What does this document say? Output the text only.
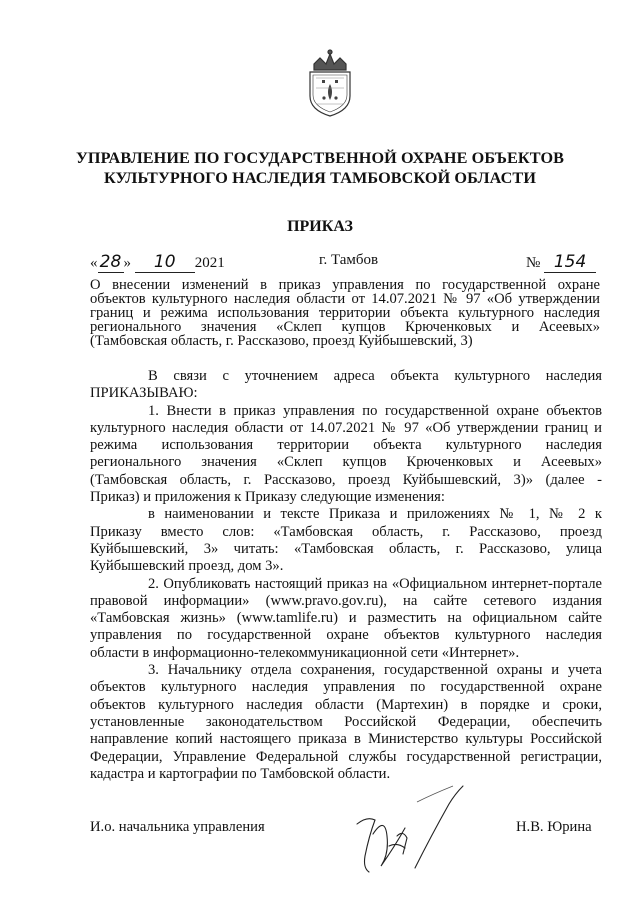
УПРАВЛЕНИЕ ПО ГОСУДАРСТВЕННОЙ ОХРАНЕ ОБЪЕКТОВ
КУЛЬТУРНОГО НАСЛЕДИЯ ТАМБОВСКОЙ ОБЛАСТИ
ПРИКАЗ
« 28 » 10 2021	г. Тамбов	№ 154

О внесении изменений в приказ управления по государственной охране

объектов культурного наследия области от 14.07.2021 № 97 «Об утверждении

границ и режима использования территории объекта культурного наследия

регионального значения «Склеп купцов Крюченковых и Асеевых»

(Тамбовская область, г. Рассказово, проезд Куйбышевский, 3)

В связи с уточнением адреса объекта культурного наследия

ПРИКАЗЫВАЮ:

1. Внести в приказ управления по государственной охране объектов

культурного наследия области от 14.07.2021 № 97 «Об утверждении границ и

режима использования территории объекта культурного наследия

регионального значения «Склеп купцов Крюченковых и Асеевых»

(Тамбовская область, г. Рассказово, проезд Куйбышевский, 3)» (далее -

Приказ) и приложения к Приказу следующие изменения:

в наименовании и тексте Приказа и приложениях № 1, № 2 к

Приказу вместо слов: «Тамбовская область, г. Рассказово, проезд

Куйбышевский, 3» читать: «Тамбовская область, г. Рассказово, улица

Куйбышевский проезд, дом 3».

2. Опубликовать настоящий приказ на «Официальном интернет-портале

правовой информации» (www.pravo.gov.ru), на сайте сетевого издания

«Тамбовская жизнь» (www.tamlife.ru) и разместить на официальном сайте

управления по государственной охране объектов культурного наследия

области в информационно-телекоммуникационной сети «Интернет».

3. Начальнику отдела сохранения, государственной охраны и учета

объектов культурного наследия управления по государственной охране

объектов культурного наследия области (Мартехин) в порядке и сроки,

установленные законодательством Российской Федерации, обеспечить

направление копий настоящего приказа в Министерство культуры Российской

Федерации, Управление Федеральной службы государственной регистрации,

кадастра и картографии по Тамбовской области.

И.о. начальника управления	Н.В. Юрина
